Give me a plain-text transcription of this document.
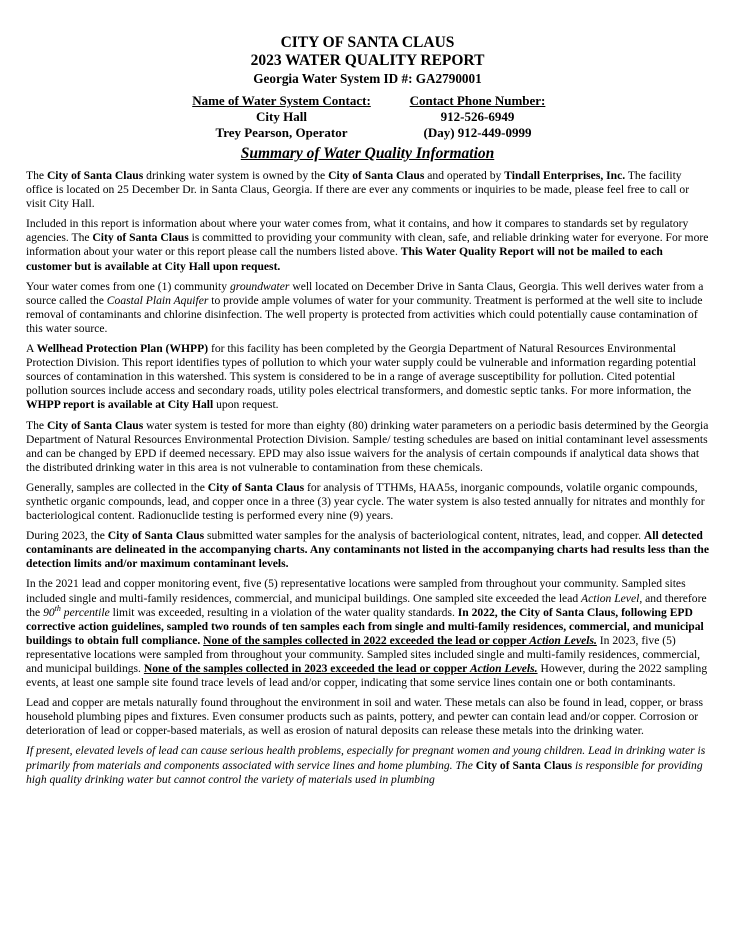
CITY OF SANTA CLAUS
2023 WATER QUALITY REPORT
Georgia Water System ID #: GA2790001
Name of Water System Contact:	Contact Phone Number:
City Hall	912-526-6949
Trey Pearson, Operator	(Day) 912-449-0999
Summary of Water Quality Information

The City of Santa Claus drinking water system is owned by the City of Santa Claus and operated by Tindall Enterprises, Inc. The facility office is located on 25 December Dr. in Santa Claus, Georgia. If there are ever any comments or inquiries to be made, please feel free to call or visit City Hall.

Included in this report is information about where your water comes from, what it contains, and how it compares to standards set by regulatory agencies. The City of Santa Claus is committed to providing your community with clean, safe, and reliable drinking water for everyone. For more information about your water or this report please call the numbers listed above. This Water Quality Report will not be mailed to each customer but is available at City Hall upon request.

Your water comes from one (1) community groundwater well located on December Drive in Santa Claus, Georgia. This well derives water from a source called the Coastal Plain Aquifer to provide ample volumes of water for your community. Treatment is performed at the well site to include removal of contaminants and chlorine disinfection. The well property is protected from activities which could potentially cause contamination of this water source.

A Wellhead Protection Plan (WHPP) for this facility has been completed by the Georgia Department of Natural Resources Environmental Protection Division. This report identifies types of pollution to which your water supply could be vulnerable and information regarding potential sources of contamination in this watershed. This system is considered to be in a range of average susceptibility for pollution. Cited potential pollution sources include access and secondary roads, utility poles electrical transformers, and domestic septic tanks. For more information, the WHPP report is available at City Hall upon request.

The City of Santa Claus water system is tested for more than eighty (80) drinking water parameters on a periodic basis determined by the Georgia Department of Natural Resources Environmental Protection Division. Sample/ testing schedules are based on initial contaminant level assessments and can be changed by EPD if deemed necessary. EPD may also issue waivers for the analysis of certain compounds if analytical data shows that the distributed drinking water in this area is not vulnerable to contamination from these chemicals.

Generally, samples are collected in the City of Santa Claus for analysis of TTHMs, HAA5s, inorganic compounds, volatile organic compounds, synthetic organic compounds, lead, and copper once in a three (3) year cycle. The water system is also tested annually for nitrates and monthly for bacteriological content. Radionuclide testing is performed every nine (9) years.

During 2023, the City of Santa Claus submitted water samples for the analysis of bacteriological content, nitrates, lead, and copper. All detected contaminants are delineated in the accompanying charts. Any contaminants not listed in the accompanying charts had results less than the detection limits and/or maximum contaminant levels.

In the 2021 lead and copper monitoring event, five (5) representative locations were sampled from throughout your community. Sampled sites included single and multi-family residences, commercial, and municipal buildings. One sampled site exceeded the lead Action Level, and therefore the 90th percentile limit was exceeded, resulting in a violation of the water quality standards. In 2022, the City of Santa Claus, following EPD corrective action guidelines, sampled two rounds of ten samples each from single and multi-family residences, commercial, and municipal buildings to obtain full compliance. None of the samples collected in 2022 exceeded the lead or copper Action Levels. In 2023, five (5) representative locations were sampled from throughout your community. Sampled sites included single and multi-family residences, commercial, and municipal buildings. None of the samples collected in 2023 exceeded the lead or copper Action Levels. However, during the 2022 sampling events, at least one sample site found trace levels of lead and/or copper, indicating that some service lines contain one or both contaminants.

Lead and copper are metals naturally found throughout the environment in soil and water. These metals can also be found in lead, copper, or brass household plumbing pipes and fixtures. Even consumer products such as paints, pottery, and pewter can contain lead and/or copper. Corrosion or deterioration of lead or copper-based materials, as well as erosion of natural deposits can release these metals into the drinking water.

If present, elevated levels of lead can cause serious health problems, especially for pregnant women and young children. Lead in drinking water is primarily from materials and components associated with service lines and home plumbing. The City of Santa Claus is responsible for providing high quality drinking water but cannot control the variety of materials used in plumbing
